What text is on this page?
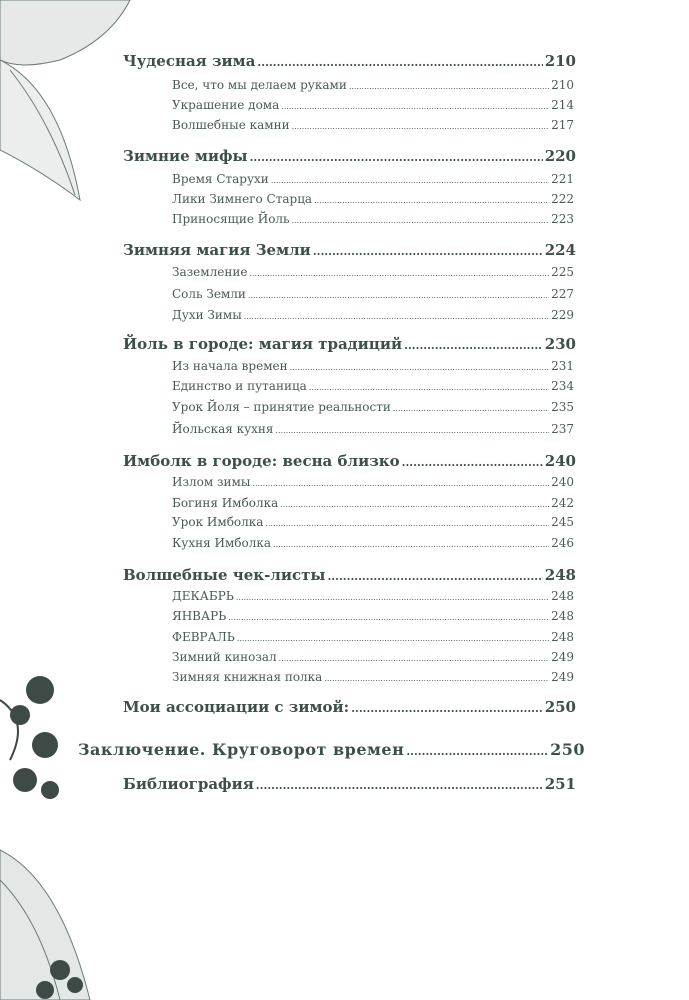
Чудесная зима .....	210
Все, что мы делаем руками .....	210
Украшение дома .....	214
Волшебные камни .....	217
Зимние мифы .....	220
Время Старухи .....	221
Лики Зимнего Старца .....	222
Приносящие Йоль .....	223
Зимняя магия Земли .....	224
Заземление .....	225
Соль Земли .....	227
Духи Зимы .....	229
Йоль в городе: магия традиций .....	230
Из начала времен .....	231
Единство и путаница .....	234
Урок Йоля – принятие реальности .....	235
Йольская кухня .....	237
Имболк в городе: весна близко .....	240
Излом зимы .....	240
Богиня Имболка .....	242
Урок Имболка .....	245
Кухня Имболка .....	246
Волшебные чек-листы .....	248
ДЕКАБРЬ .....	248
ЯНВАРЬ .....	248
ФЕВРАЛЬ .....	248
Зимний кинозал .....	249
Зимняя книжная полка .....	249
Мои ассоциации с зимой: .....	250
Заключение. Круговорот времен .....	250
Библиография .....	251
